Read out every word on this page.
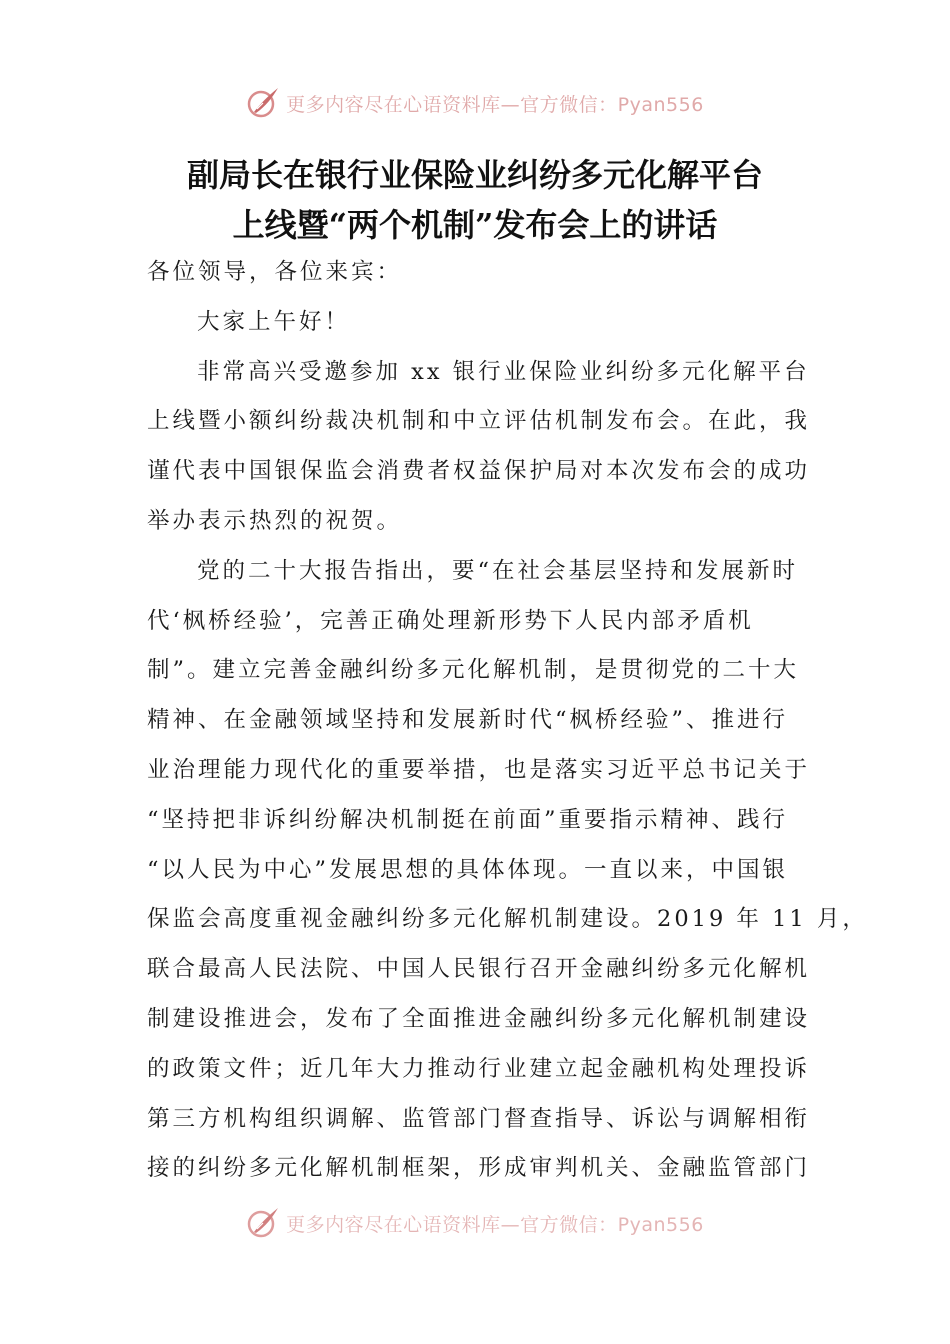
更多内容尽在心语资料库—官方微信：Pyan556
副局长在银行业保险业纠纷多元化解平台
上线暨“两个机制”发布会上的讲话

各位领导，各位来宾：

大家上午好！

非常高兴受邀参加 xx 银行业保险业纠纷多元化解平台

上线暨小额纠纷裁决机制和中立评估机制发布会。在此，我
谨代表中国银保监会消费者权益保护局对本次发布会的成功
举办表示热烈的祝贺。

党的二十大报告指出，要“在社会基层坚持和发展新时

代‘枫桥经验’，完善正确处理新形势下人民内部矛盾机
制”。建立完善金融纠纷多元化解机制，是贯彻党的二十大
精神、在金融领域坚持和发展新时代“枫桥经验”、推进行
业治理能力现代化的重要举措，也是落实习近平总书记关于
“坚持把非诉纠纷解决机制挺在前面”重要指示精神、践行
“以人民为中心”发展思想的具体体现。一直以来，中国银
保监会高度重视金融纠纷多元化解机制建设。2019 年 11 月，
联合最高人民法院、中国人民银行召开金融纠纷多元化解机
制建设推进会，发布了全面推进金融纠纷多元化解机制建设
的政策文件；近几年大力推动行业建立起金融机构处理投诉
第三方机构组织调解、监管部门督查指导、诉讼与调解相衔
接的纠纷多元化解机制框架，形成审判机关、金融监管部门

更多内容尽在心语资料库—官方微信：Pyan556
